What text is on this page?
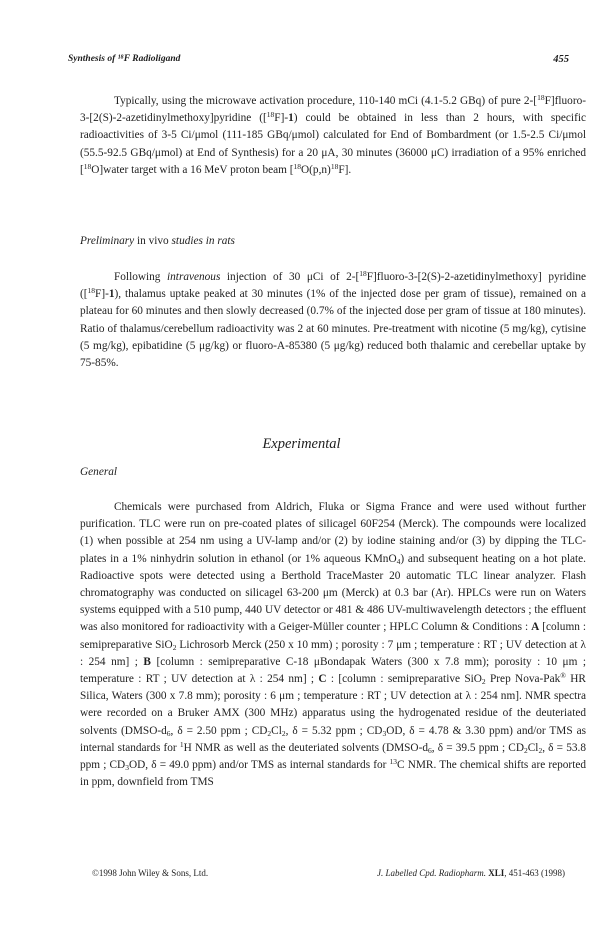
Synthesis of ¹⁸F Radioligand	455

Typically, using the microwave activation procedure, 110-140 mCi (4.1-5.2 GBq) of pure 2-[$^{18}$F]fluoro-3-[2(S)-2-azetidinylmethoxy]pyridine ([$^{18}$F]-1) could be obtained in less than 2 hours, with specific radioactivities of 3-5 Ci/μmol (111-185 GBq/μmol) calculated for End of Bombardment (or 1.5-2.5 Ci/μmol (55.5-92.5 GBq/μmol) at End of Synthesis) for a 20 μA, 30 minutes (36000 μC) irradiation of a 95% enriched [$^{18}$O]water target with a 16 MeV proton beam $[^{18}O(p,n)^{18}F]$.

Preliminary in vivo studies in rats

Following intravenous injection of 30 μCi of 2-[$^{18}$F]fluoro-3-[2(S)-2-azetidinylmethoxy] pyridine ([$^{18}$F]-1), thalamus uptake peaked at 30 minutes (1% of the injected dose per gram of tissue), remained on a plateau for 60 minutes and then slowly decreased (0.7% of the injected dose per gram of tissue at 180 minutes). Ratio of thalamus/cerebellum radioactivity was 2 at 60 minutes. Pre-treatment with nicotine (5 mg/kg), cytisine (5 mg/kg), epibatidine (5 μg/kg) or fluoro-A-85380 (5 μg/kg) reduced both thalamic and cerebellar uptake by 75-85%.

Experimental
General

Chemicals were purchased from Aldrich, Fluka or Sigma France and were used without further purification. TLC were run on pre-coated plates of silicagel 60F254 (Merck). The compounds were localized (1) when possible at 254 nm using a UV-lamp and/or (2) by iodine staining and/or (3) by dipping the TLC-plates in a 1% ninhydrin solution in ethanol (or 1% aqueous KMnO$_4$) and subsequent heating on a hot plate. Radioactive spots were detected using a Berthold TraceMaster 20 automatic TLC linear analyzer. Flash chromatography was conducted on silicagel 63-200 μm (Merck) at 0.3 bar (Ar). HPLCs were run on Waters systems equipped with a 510 pump, 440 UV detector or 481 & 486 UV-multiwavelength detectors ; the effluent was also monitored for radioactivity with a Geiger-Müller counter ; HPLC Column & Conditions : A [column : semipreparative SiO$_2$ Lichrosorb Merck (250 x 10 mm) ; porosity : 7 μm ; temperature : RT ; UV detection at λ : 254 nm] ; B [column : semipreparative C-18 μBondapak Waters (300 x 7.8 mm); porosity : 10 μm ; temperature : RT ; UV detection at λ : 254 nm] ; C : [column : semipreparative SiO$_2$ Prep Nova-Pak® HR Silica, Waters (300 x 7.8 mm); porosity : 6 μm ; temperature : RT ; UV detection at λ : 254 nm]. NMR spectra were recorded on a Bruker AMX (300 MHz) apparatus using the hydrogenated residue of the deuteriated solvents ($DMSO-d_6$, δ = 2.50 ppm ; $CD_2Cl_2$, δ = 5.32 ppm ; $CD_3OD$, δ = 4.78 & 3.30 ppm) and/or TMS as internal standards for $^1$H NMR as well as the deuteriated solvents ($DMSO-d_6$, δ = 39.5 ppm ; $CD_2Cl_2$, δ = 53.8 ppm ; $CD_3OD$, δ = 49.0 ppm) and/or TMS as internal standards for $^{13}$C NMR. The chemical shifts are reported in ppm, downfield from TMS

©1998 John Wiley & Sons, Ltd.	J. Labelled Cpd. Radiopharm. XLI, 451-463 (1998)
